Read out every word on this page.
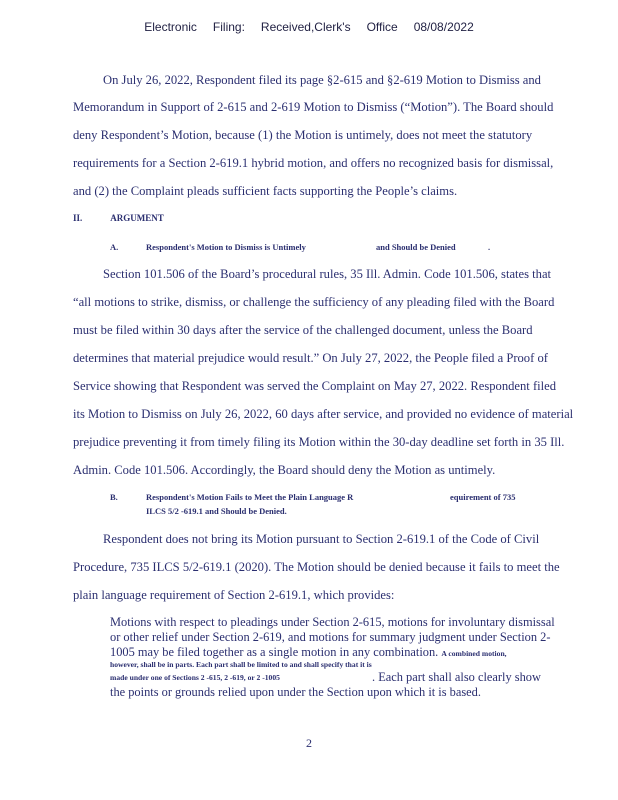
Electronic Filing: Received,Clerk's Office 08/08/2022
On July 26, 2022, Respondent filed its page §2-615 and §2-619 Motion to Dismiss and
Memorandum in Support of 2-615 and 2-619 Motion to Dismiss (“Motion”). The Board should
deny Respondent’s Motion, because (1) the Motion is untimely, does not meet the statutory
requirements for a Section 2-619.1 hybrid motion, and offers no recognized basis for dismissal,
and (2) the Complaint pleads sufficient facts supporting the People’s claims.
II.	ARGUMENT
A.	Respondent's Motion to Dismiss is Untimely	and Should be Denied	.
Section 101.506 of the Board’s procedural rules, 35 Ill. Admin. Code 101.506, states that
“all motions to strike, dismiss, or challenge the sufficiency of any pleading filed with the Board
must be filed within 30 days after the service of the challenged document, unless the Board
determines that material prejudice would result.” On July 27, 2022, the People filed a Proof of
Service showing that Respondent was served the Complaint on May 27, 2022. Respondent filed
its Motion to Dismiss on July 26, 2022, 60 days after service, and provided no evidence of material
prejudice preventing it from timely filing its Motion within the 30-day deadline set forth in 35 Ill.
Admin. Code 101.506. Accordingly, the Board should deny the Motion as untimely.
B.	Respondent's Motion Fails to Meet the Plain Language R	equirement of 735
ILCS 5/2 -619.1 and Should be Denied.
Respondent does not bring its Motion pursuant to Section 2-619.1 of the Code of Civil
Procedure, 735 ILCS 5/2-619.1 (2020). The Motion should be denied because it fails to meet the
plain language requirement of Section 2-619.1, which provides:
Motions with respect to pleadings under Section 2-615, motions for involuntary dismissal
or other relief under Section 2-619, and motions for summary judgment under Section 2-
1005 may be filed together as a single motion in any combination. A combined motion,
however, shall be in parts. Each part shall be limited to and shall specify that it is
made under one of Sections 2 -615, 2 -619, or 2 -1005	. Each part shall also clearly show
the points or grounds relied upon under the Section upon which it is based.
2
